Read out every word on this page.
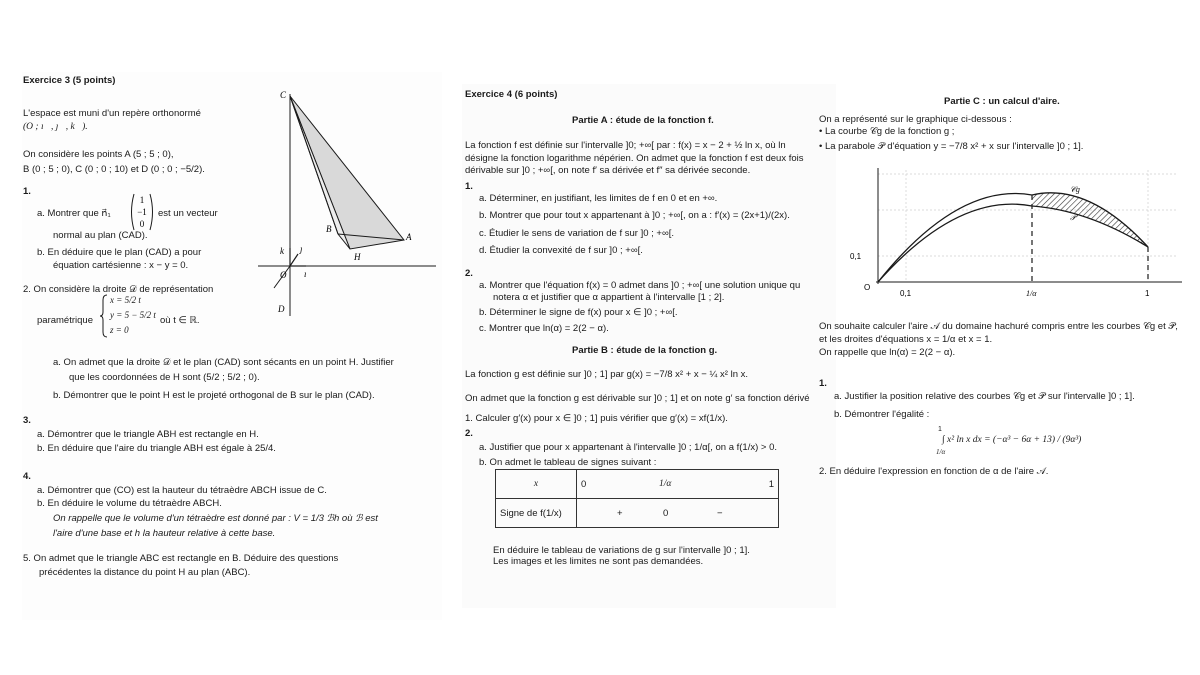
Exercice 3 (5 points)
L'espace est muni d'un repère orthonormé
(O ; ı⃗, ȷ⃗, k⃗).
On considère les points A (5 ; 5 ; 0),
B (0 ; 5 ; 0), C (0 ; 0 ; 10) et D (0 ; 0 ; −5/2).
1.
a. Montrer que n⃗₁
1
−1
0
est un vecteur
normal au plan (CAD).
b. En déduire que le plan (CAD) a pour
équation cartésienne : x − y = 0.
2. On considère la droite 𝒟 de représentation
paramétrique
x = 5/2 t
y = 5 − 5/2 t
z = 0
où t ∈ ℝ.
a. On admet que la droite 𝒟 et le plan (CAD) sont sécants en un point H. Justifier
que les coordonnées de H sont (5/2 ; 5/2 ; 0).
b. Démontrer que le point H est le projeté orthogonal de B sur le plan (CAD).
3.
a. Démontrer que le triangle ABH est rectangle en H.
b. En déduire que l'aire du triangle ABH est égale à 25/4.
4.
a. Démontrer que (CO) est la hauteur du tétraèdre ABCH issue de C.
b. En déduire le volume du tétraèdre ABCH.
On rappelle que le volume d'un tétraèdre est donné par : V = 1/3 ℬh où ℬ est
l'aire d'une base et h la hauteur relative à cette base.
5. On admet que le triangle ABC est rectangle en B. Déduire des questions
précédentes la distance du point H au plan (ABC).
C
A
B
H
O
D
k⃗ ȷ⃗
ı⃗
Exercice 4 (6 points)
Partie A : étude de la fonction f.
La fonction f est définie sur l'intervalle ]0; +∞[ par : f(x) = x − 2 + ½ ln x, où ln
désigne la fonction logarithme népérien. On admet que la fonction f est deux fois
dérivable sur ]0 ; +∞[, on note f′ sa dérivée et f″ sa dérivée seconde.
1.
a. Déterminer, en justifiant, les limites de f en 0 et en +∞.
b. Montrer que pour tout x appartenant à ]0 ; +∞[, on a : f′(x) = (2x+1)/(2x).
c. Étudier le sens de variation de f sur ]0 ; +∞[.
d. Étudier la convexité de f sur ]0 ; +∞[.
2.
a. Montrer que l'équation f(x) = 0 admet dans ]0 ; +∞[ une solution unique qu
notera α et justifier que α appartient à l'intervalle [1 ; 2].
b. Déterminer le signe de f(x) pour x ∈ ]0 ; +∞[.
c. Montrer que ln(α) = 2(2 − α).
Partie B : étude de la fonction g.
La fonction g est définie sur ]0 ; 1] par g(x) = −7/8 x² + x − ¼ x² ln x.
On admet que la fonction g est dérivable sur ]0 ; 1] et on note g′ sa fonction dérivé
1. Calculer g′(x) pour x ∈ ]0 ; 1] puis vérifier que g′(x) = xf(1/x).
2.
a. Justifier que pour x appartenant à l'intervalle ]0 ; 1/α[, on a f(1/x) > 0.
b. On admet le tableau de signes suivant :
x	0 1/α 1

Signe de f(1/x)	+ 0 −
En déduire le tableau de variations de g sur l'intervalle ]0 ; 1].
Les images et les limites ne sont pas demandées.
Partie C : un calcul d'aire.
On a représenté sur le graphique ci-dessous :
• La courbe 𝒞g de la fonction g ;
• La parabole 𝒫 d'équation y = −7/8 x² + x sur l'intervalle ]0 ; 1].
𝒞g
𝒫
0,1
O
0,1	1/α	1
On souhaite calculer l'aire 𝒜 du domaine hachuré compris entre les courbes 𝒞g et 𝒫,
et les droites d'équations x = 1/α et x = 1.
On rappelle que ln(α) = 2(2 − α).
1.
a. Justifier la position relative des courbes 𝒞g et 𝒫 sur l'intervalle ]0 ; 1].
b. Démontrer l'égalité :
1
1/α
∫ x² ln x dx = (−α³ − 6α + 13) / (9α³)
2. En déduire l'expression en fonction de α de l'aire 𝒜.
